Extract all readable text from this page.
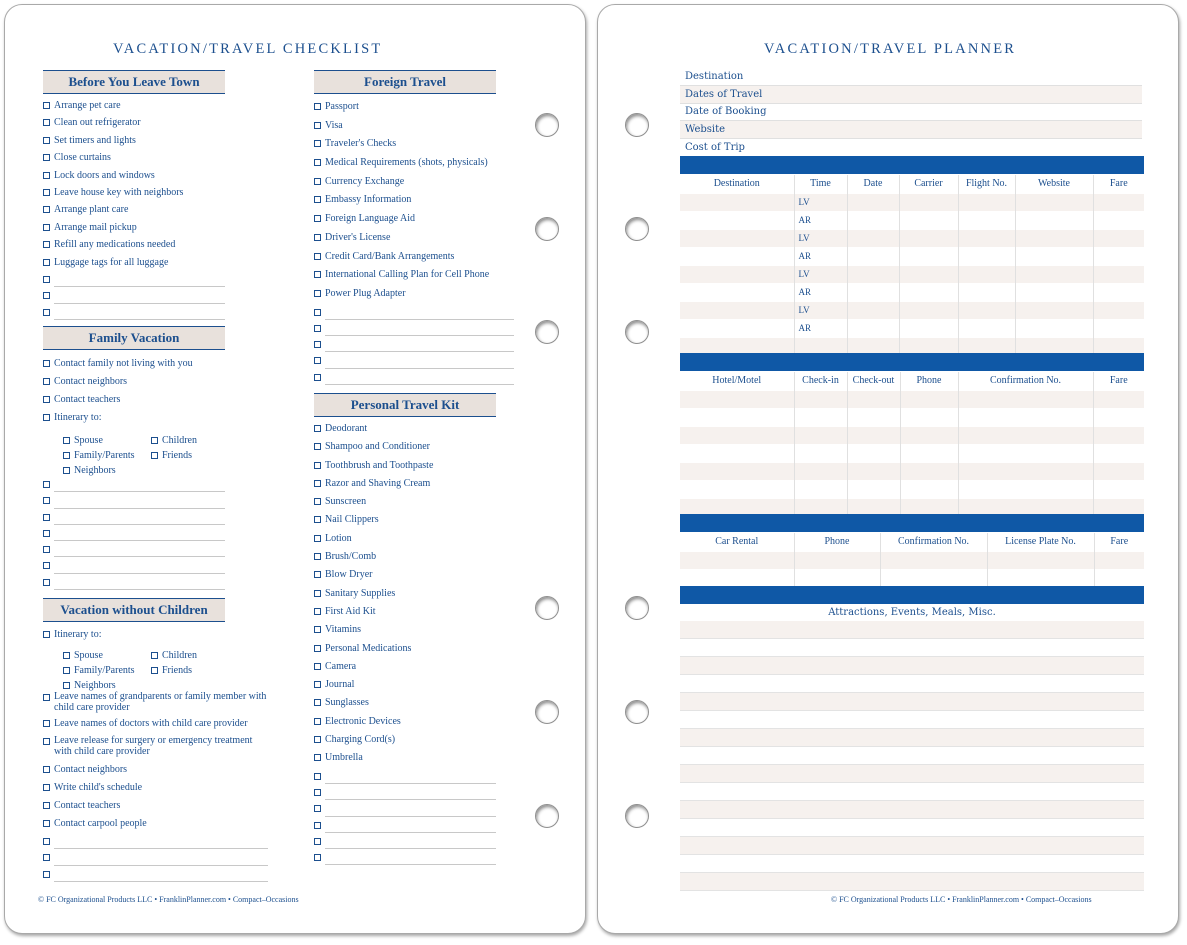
VACATION/TRAVEL CHECKLIST
Before You Leave Town
Arrange pet care
Clean out refrigerator
Set timers and lights
Close curtains
Lock doors and windows
Leave house key with neighbors
Arrange plant care
Arrange mail pickup
Refill any medications needed
Luggage tags for all luggage
Family Vacation
Contact family not living with you
Contact neighbors
Contact teachers
Itinerary to:
Spouse	Children
Family/Parents	Friends
Neighbors
Vacation without Children
Itinerary to:
Spouse	Children
Family/Parents	Friends
Neighbors
Leave names of grandparents or family member with child care provider
Leave names of doctors with child care provider
Leave release for surgery or emergency treatment with child care provider
Contact neighbors
Write child's schedule
Contact teachers
Contact carpool people
Foreign Travel
Passport
Visa
Traveler's Checks
Medical Requirements (shots, physicals)
Currency Exchange
Embassy Information
Foreign Language Aid
Driver's License
Credit Card/Bank Arrangements
International Calling Plan for Cell Phone
Power Plug Adapter
Personal Travel Kit
Deodorant
Shampoo and Conditioner
Toothbrush and Toothpaste
Razor and Shaving Cream
Sunscreen
Nail Clippers
Lotion
Brush/Comb
Blow Dryer
Sanitary Supplies
First Aid Kit
Vitamins
Personal Medications
Camera
Journal
Sunglasses
Electronic Devices
Charging Cord(s)
Umbrella
© FC Organizational Products LLC • FranklinPlanner.com • Compact–Occasions
VACATION/TRAVEL PLANNER
Destination
Dates of Travel
Date of Booking
Website
Cost of Trip
Destination	Time	Date	Carrier	Flight No.	Website	Fare
	LV					
	AR					
	LV					
	AR					
	LV					
	AR					
	LV					
	AR					

Hotel/Motel	Check-in	Check-out	Phone	Confirmation No.	Fare

Car Rental	Phone	Confirmation No.	License Plate No.	Fare

Attractions, Events, Meals, Misc.
© FC Organizational Products LLC • FranklinPlanner.com • Compact–Occasions
